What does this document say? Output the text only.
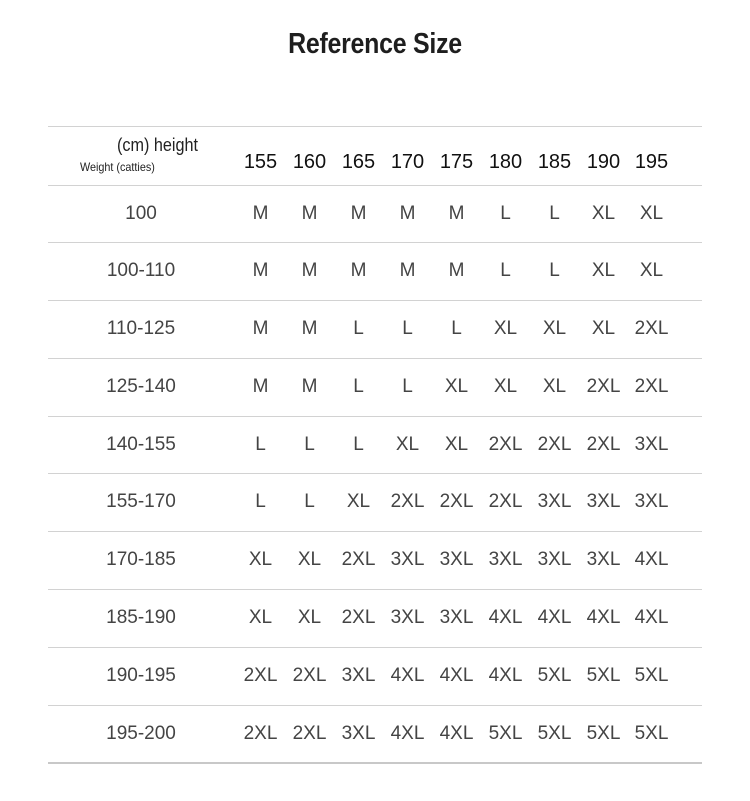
Reference Size
(cm) height
Weight (catties)	155 160 165 170 175 180 185 190 195
100	M	M	M	M	M	L	L	XL	XL
100-110	M	M	M	M	M	L	L	XL	XL
110-125	M	M	L	L	L	XL	XL	XL	2XL
125-140	M	M	L	L	XL	XL	XL	2XL 2XL
140-155	L	L	L	XL	XL	2XL 2XL 2XL 3XL
155-170	L	L	XL	2XL 2XL 2XL 3XL 3XL 3XL
170-185	XL	XL	2XL 3XL 3XL 3XL 3XL 3XL 4XL
185-190	XL	XL	2XL 3XL 3XL 4XL 4XL 4XL 4XL
190-195	2XL 2XL 3XL 4XL 4XL 4XL 5XL 5XL 5XL
195-200	2XL 2XL 3XL 4XL 4XL 5XL 5XL 5XL 5XL
